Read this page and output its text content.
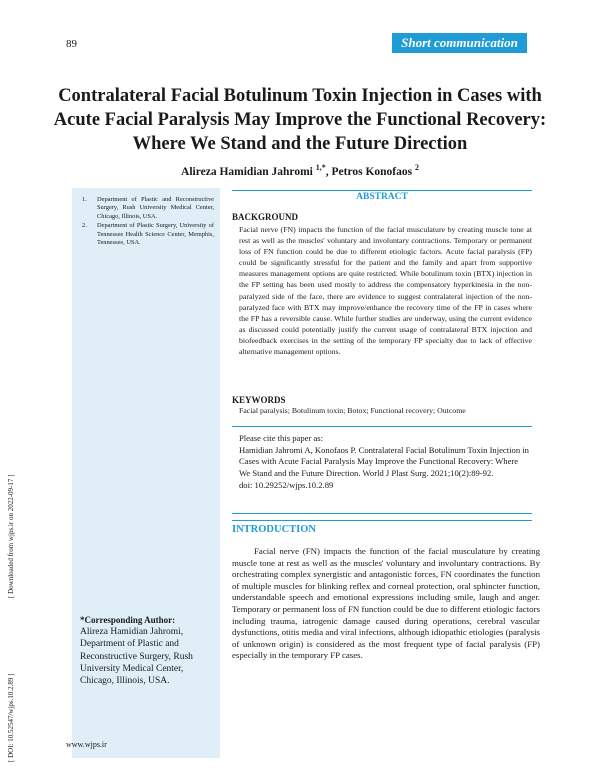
89	Short communication
Contralateral Facial Botulinum Toxin Injection in Cases with Acute Facial Paralysis May Improve the Functional Recovery: Where We Stand and the Future Direction
Alireza Hamidian Jahromi $^{1,*}$, Petros Konofaos $^2$
1. Department of Plastic and Reconstructive Surgery, Rush University Medical Center, Chicago, Illinois, USA.
2. Department of Plastic Surgery, University of Tennessee Health Science Center, Memphis, Tennessee, USA.
*Corresponding Author:
Alireza Hamidian Jahromi, Department of Plastic and Reconstructive Surgery, Rush University Medical Center, Chicago, Illinois, USA.
[ Downloaded from wjps.ir on 2022-09-17 ]
[ DOI: 10.52547/wjps.10.2.89 ]
ABSTRACT
BACKGROUND

Facial nerve (FN) impacts the function of the facial musculature by creating muscle tone at rest as well as the muscles' voluntary and involuntary contractions. Temporary or permanent loss of FN function could be due to different etiologic factors. Acute facial paralysis (FP) could be significantly stressful for the patient and the family and apart from supportive measures management options are quite restricted. While botulinum toxin (BTX) injection in the FP setting has been used mostly to address the compensatory hyperkinesia in the non-paralyzed side of the face, there are evidence to suggest contralateral injection of the non-paralyzed face with BTX may improve/enhance the recovery time of the FP in cases where the FP has a reversible cause. While further studies are underway, using the current evidence as discussed could potentially justify the current usage of contralateral BTX injection and biofeedback exercises in the setting of the temporary FP specialty due to lack of effective alternative management options.

KEYWORDS
Facial paralysis; Botulinum toxin; Botox; Functional recovery; Outcome
Please cite this paper as:
Hamidian Jahromi A, Konofaos P. Contralateral Facial Botulinum Toxin Injection in Cases with Acute Facial Paralysis May Improve the Functional Recovery: Where We Stand and the Future Direction. World J Plast Surg. 2021;10(2):89-92.
doi: 10.29252/wjps.10.2.89
INTRODUCTION

Facial nerve (FN) impacts the function of the facial musculature by creating muscle tone at rest as well as the muscles' voluntary and involuntary contractions. By orchestrating complex synergistic and antagonistic forces, FN coordinates the function of multiple muscles for blinking reflex and corneal protection, oral sphincter function, understandable speech and emotional expressions including smile, laugh and anger. Temporary or permanent loss of FN function could be due to different etiologic factors including trauma, iatrogenic damage caused during operations, cerebral vascular dysfunctions, otitis media and viral infections, although idiopathic etiologies (paralysis of unknown origin) is considered as the most frequent type of facial paralysis (FP) especially in the temporary FP cases.

www.wjps.ir
